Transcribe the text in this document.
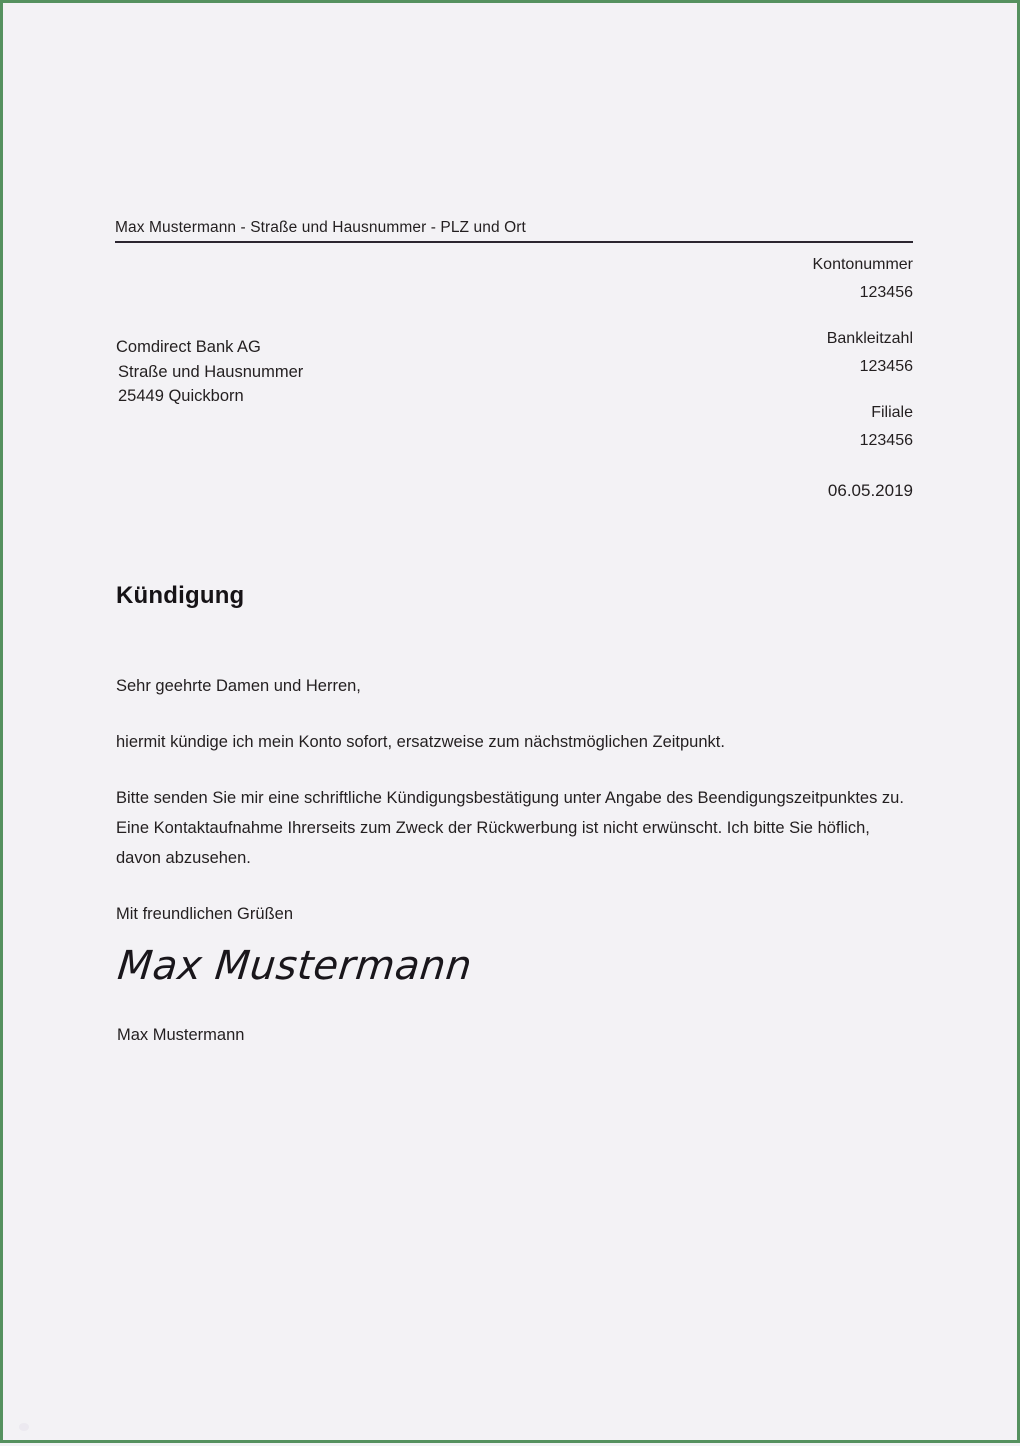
Max Mustermann - Straße und Hausnummer - PLZ und Ort
Kontonummer
123456
Bankleitzahl
123456
Filiale
123456
06.05.2019
Comdirect Bank AG
Straße und Hausnummer
25449 Quickborn
Kündigung

Sehr geehrte Damen und Herren,

hiermit kündige ich mein Konto sofort, ersatzweise zum nächstmöglichen Zeitpunkt.

Bitte senden Sie mir eine schriftliche Kündigungsbestätigung unter Angabe des Beendigungszeitpunktes zu. Eine Kontaktaufnahme Ihrerseits zum Zweck der Rückwerbung ist nicht erwünscht. Ich bitte Sie höflich, davon abzusehen.

Mit freundlichen Grüßen

Max Mustermann
Max Mustermann
